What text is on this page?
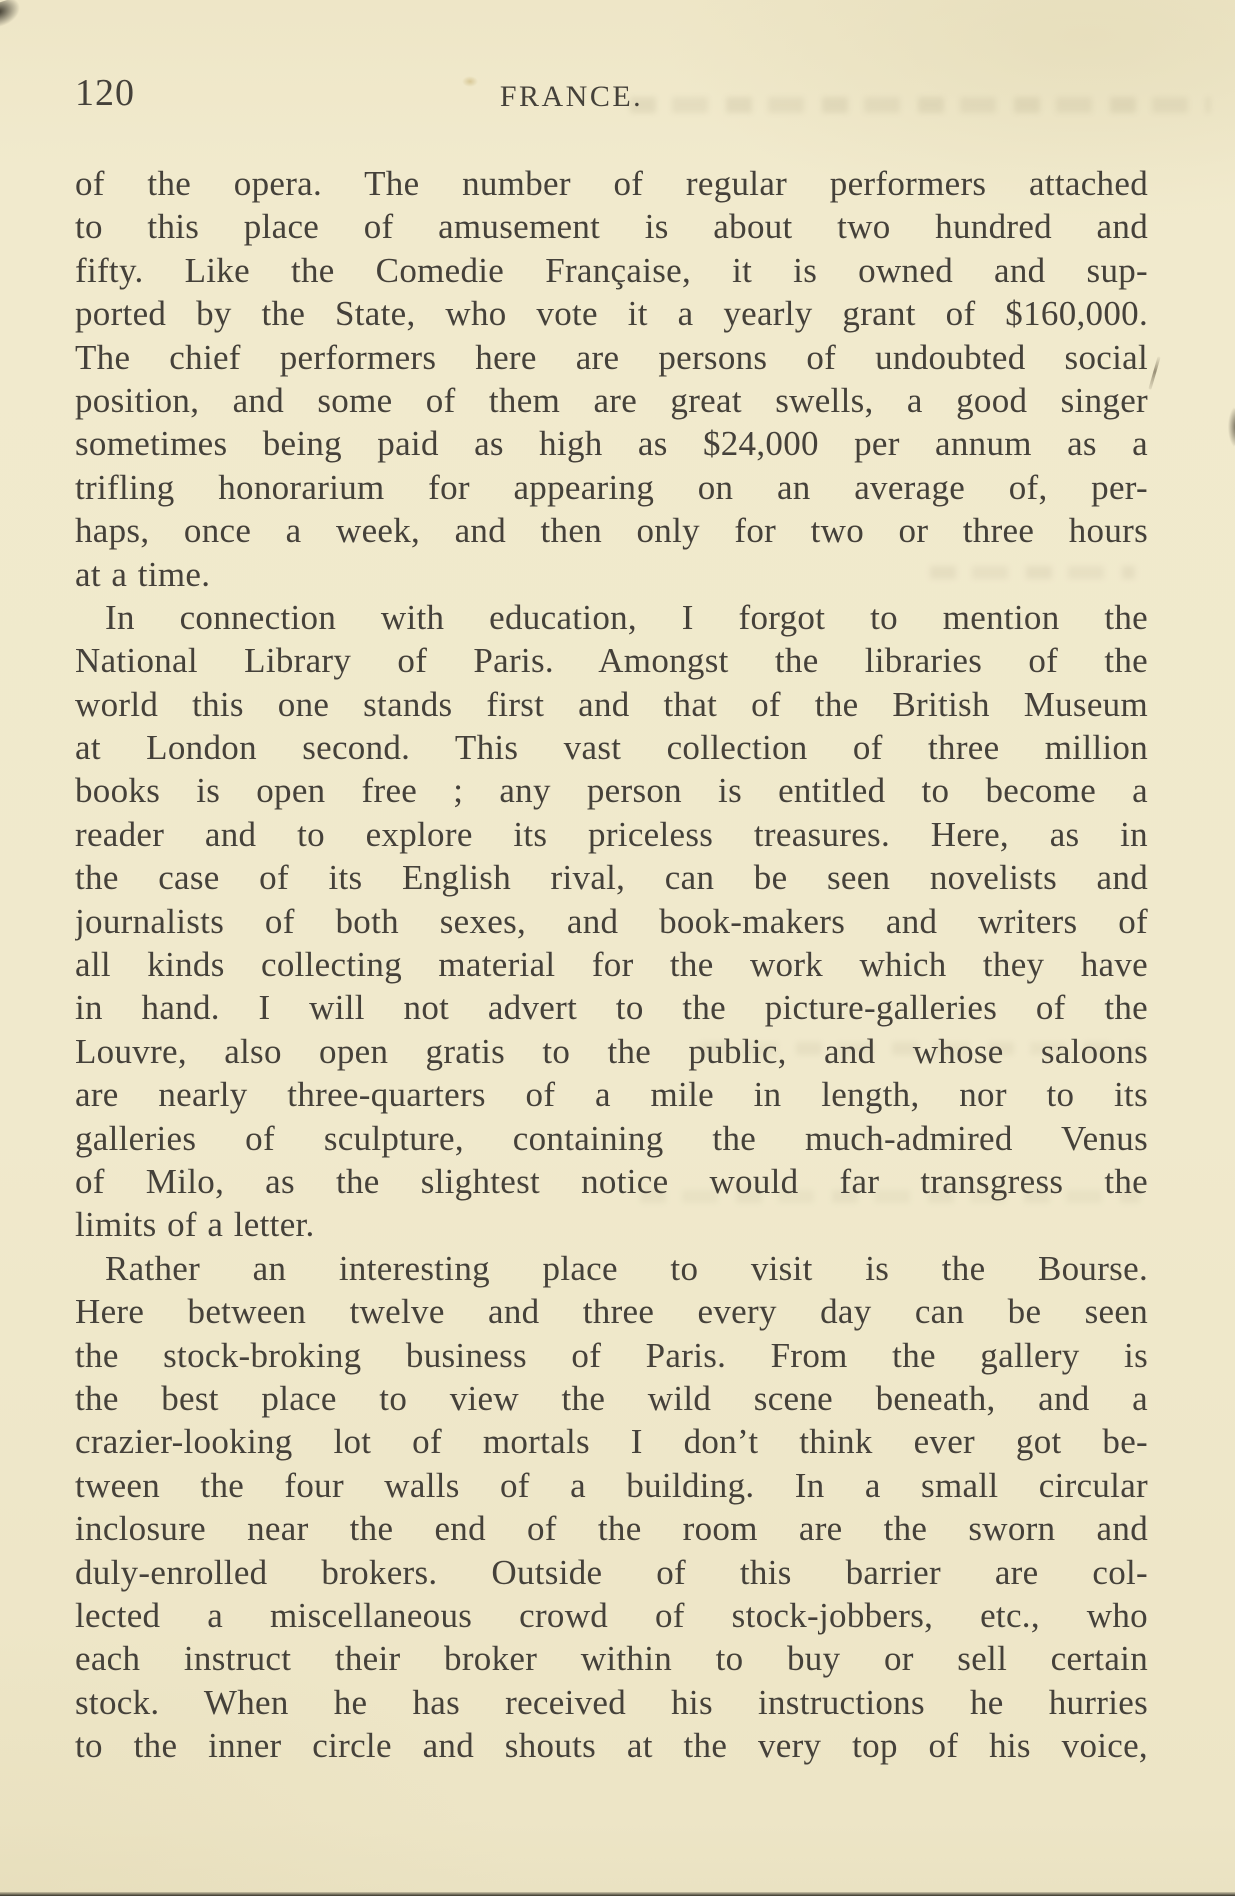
120	FRANCE.
of the opera. The number of regular performers attached
to this place of amusement is about two hundred and
fifty. Like the Comedie Française, it is owned and sup-
ported by the State, who vote it a yearly grant of $160,000.
The chief performers here are persons of undoubted social
position, and some of them are great swells, a good singer
sometimes being paid as high as $24,000 per annum as a
trifling honorarium for appearing on an average of, per-
haps, once a week, and then only for two or three hours
at a time.
In connection with education, I forgot to mention the
National Library of Paris. Amongst the libraries of the
world this one stands first and that of the British Museum
at London second. This vast collection of three million
books is open free ; any person is entitled to become a
reader and to explore its priceless treasures. Here, as in
the case of its English rival, can be seen novelists and
journalists of both sexes, and book-makers and writers of
all kinds collecting material for the work which they have
in hand. I will not advert to the picture-galleries of the
Louvre, also open gratis to the public, and whose saloons
are nearly three-quarters of a mile in length, nor to its
galleries of sculpture, containing the much-admired Venus
of Milo, as the slightest notice would far transgress the
limits of a letter.
Rather an interesting place to visit is the Bourse.
Here between twelve and three every day can be seen
the stock-broking business of Paris. From the gallery is
the best place to view the wild scene beneath, and a
crazier-looking lot of mortals I don’t think ever got be-
tween the four walls of a building. In a small circular
inclosure near the end of the room are the sworn and
duly-enrolled brokers. Outside of this barrier are col-
lected a miscellaneous crowd of stock-jobbers, etc., who
each instruct their broker within to buy or sell certain
stock. When he has received his instructions he hurries
to the inner circle and shouts at the very top of his voice,
